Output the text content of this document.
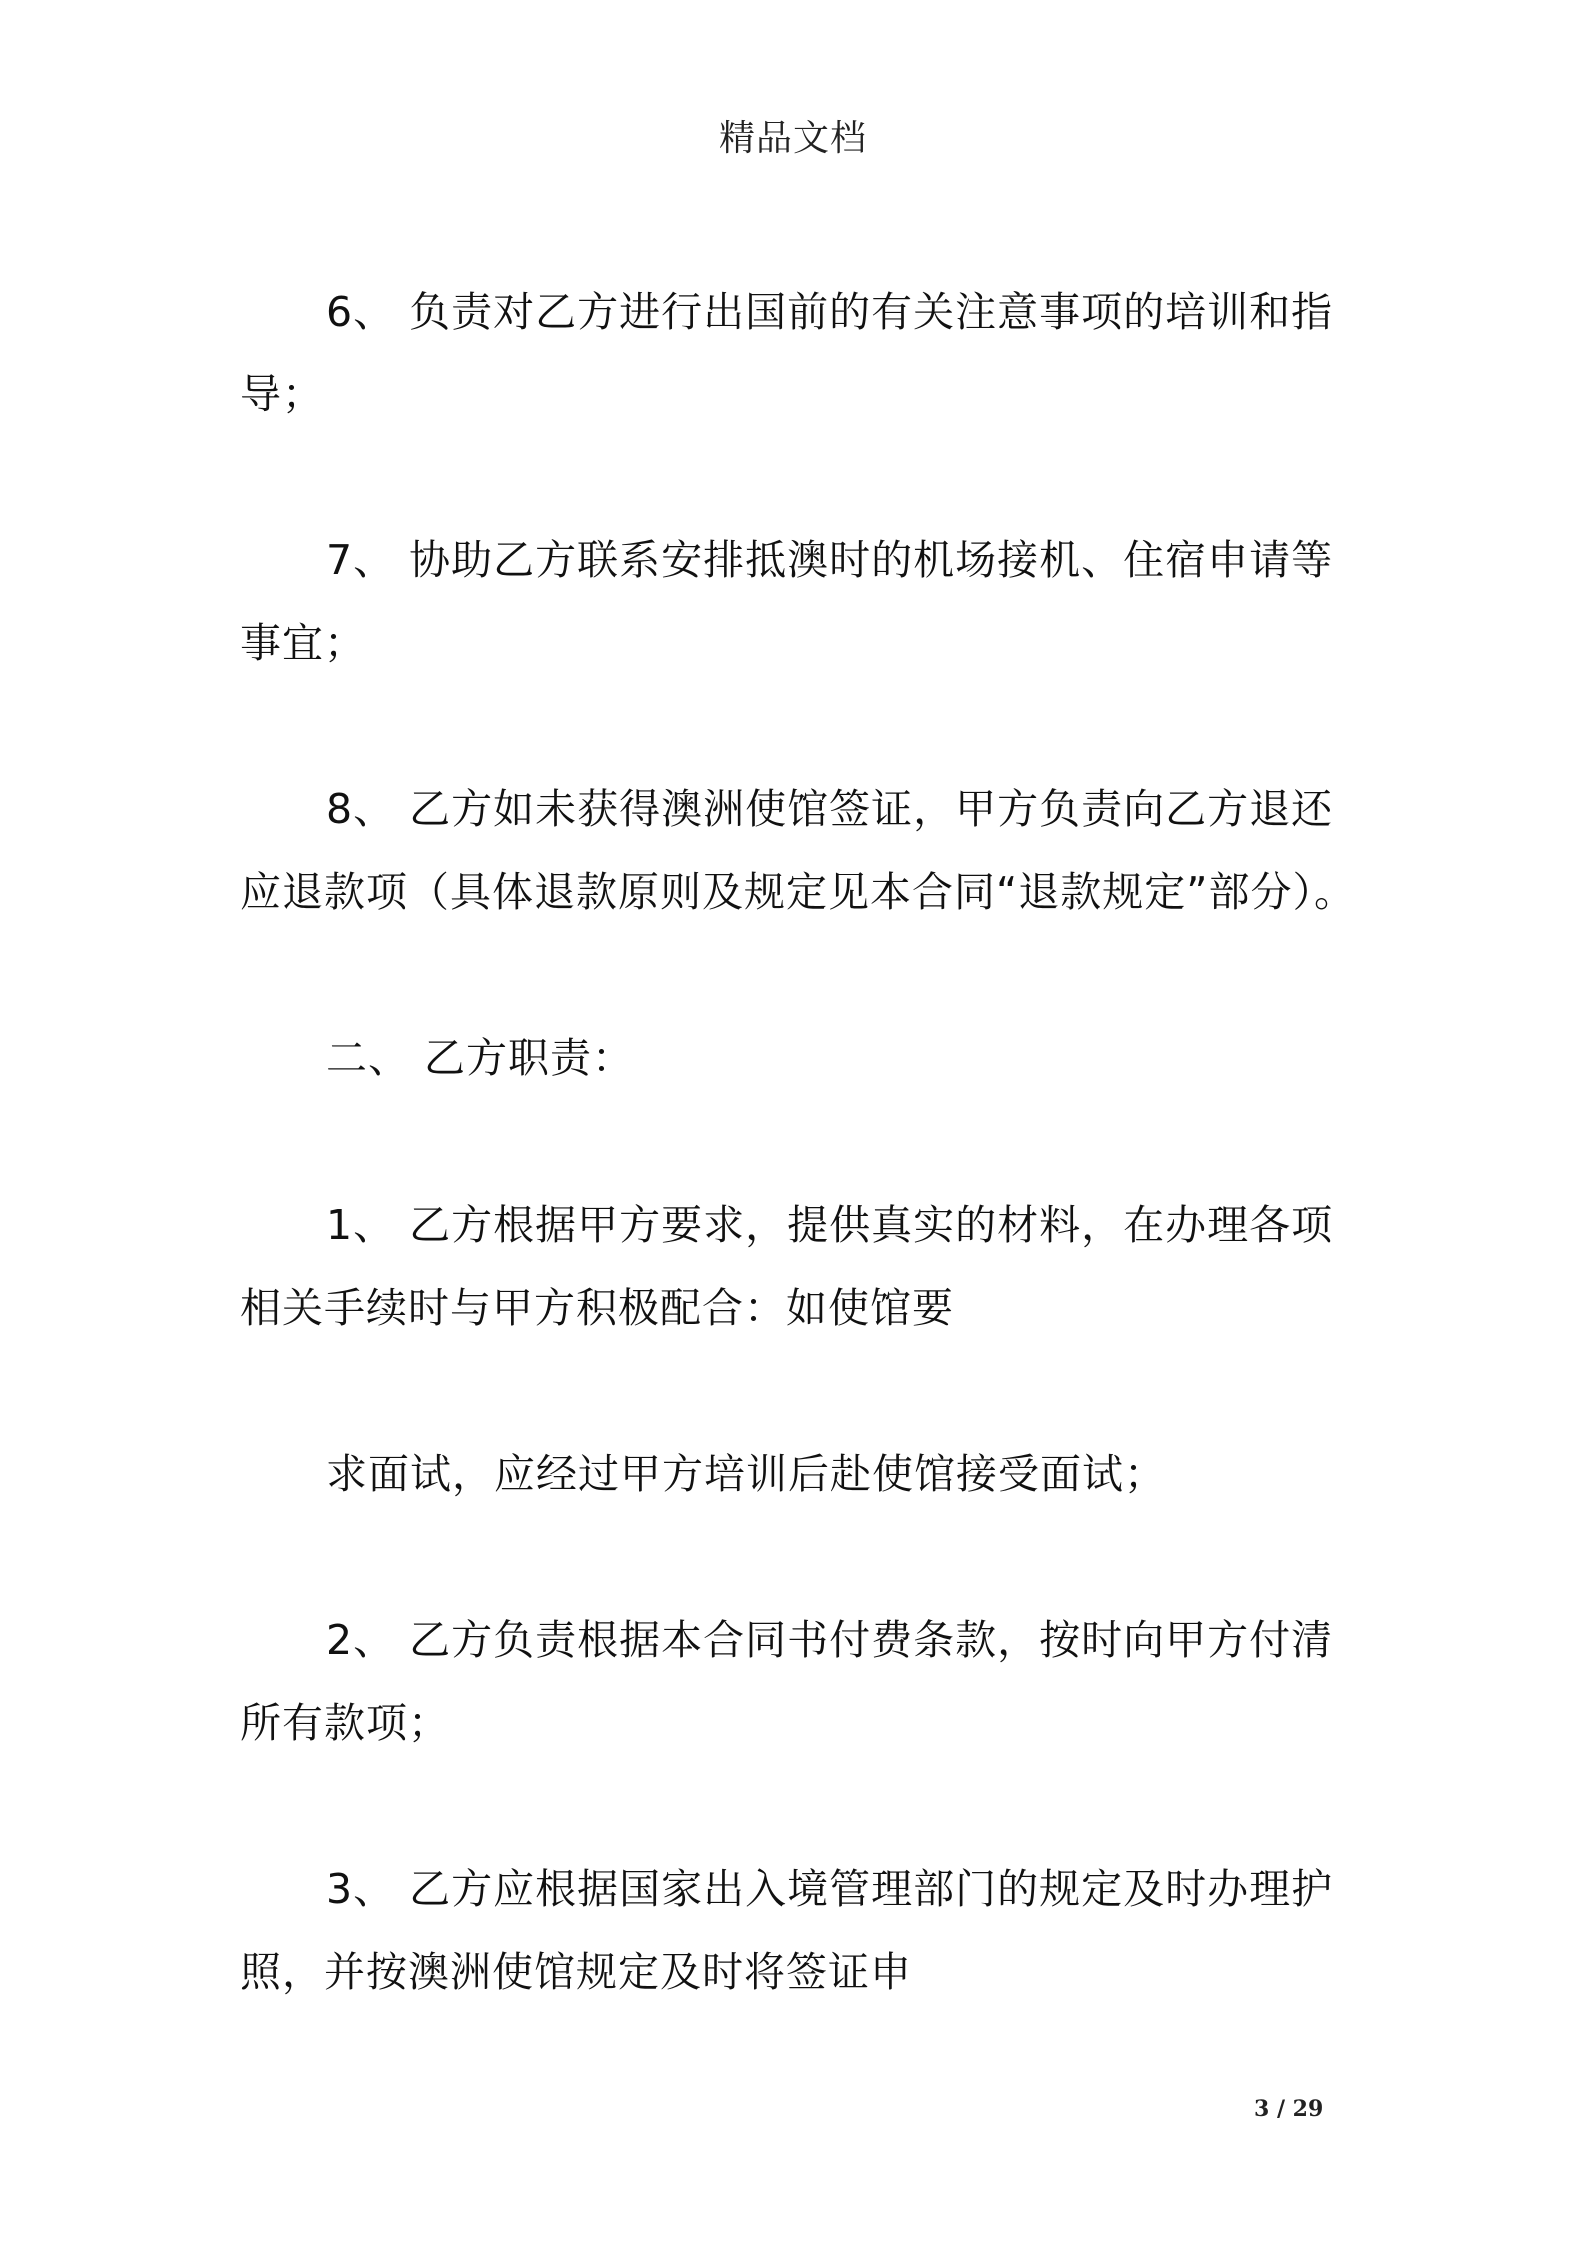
精品文档
6、 负责对乙方进行出国前的有关注意事项的培训和指
导；
7、 协助乙方联系安排抵澳时的机场接机、住宿申请等
事宜；
8、 乙方如未获得澳洲使馆签证，甲方负责向乙方退还
应退款项（具体退款原则及规定见本合同“退款规定”部分）。
二、 乙方职责：
1、 乙方根据甲方要求，提供真实的材料，在办理各项
相关手续时与甲方积极配合：如使馆要
求面试，应经过甲方培训后赴使馆接受面试；
2、 乙方负责根据本合同书付费条款，按时向甲方付清
所有款项；
3、 乙方应根据国家出入境管理部门的规定及时办理护
照，并按澳洲使馆规定及时将签证申
3 / 29
